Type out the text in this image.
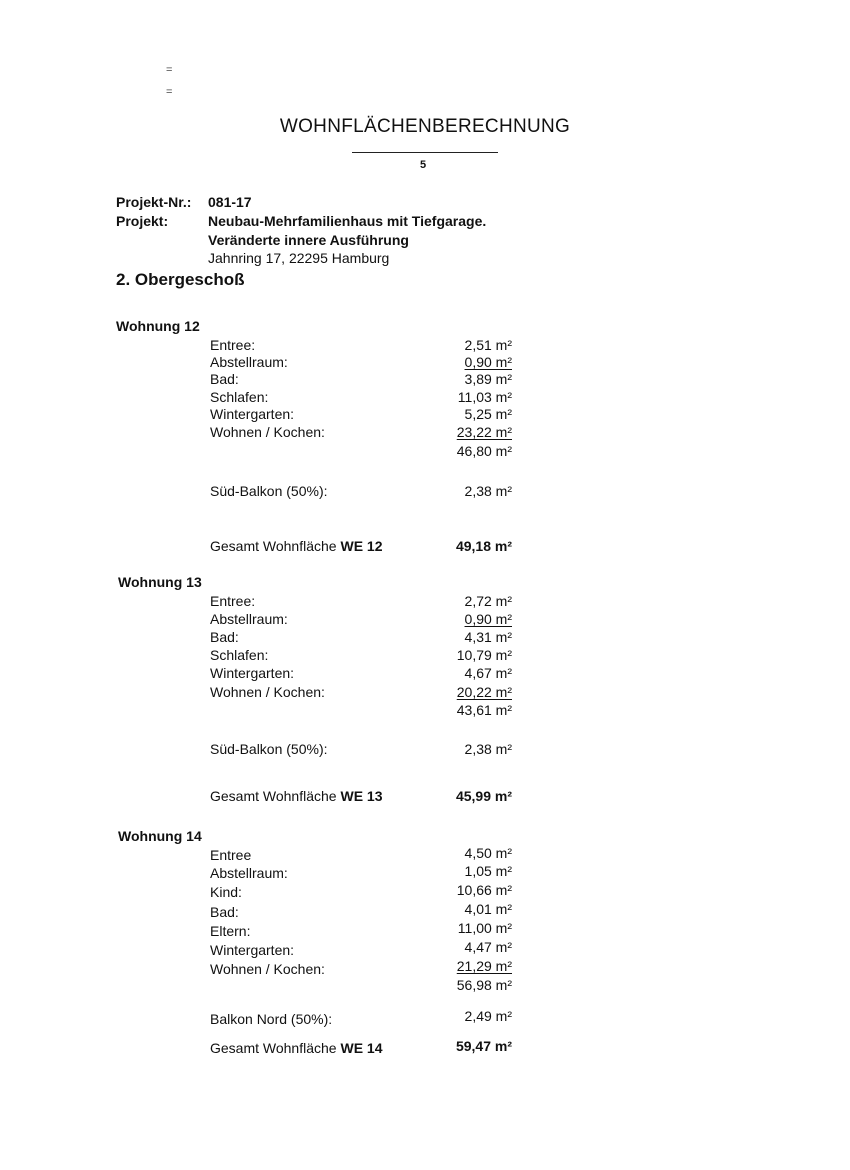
=
=
WOHNFLÄCHENBERECHNUNG
5
Projekt-Nr.: 081-17
Projekt:	Neubau-Mehrfamilienhaus mit Tiefgarage.
Veränderte innere Ausführung
Jahnring 17, 22295 Hamburg
2. Obergeschoß
Wohnung 12
Entree:	2,51 m²
Abstellraum:	0,90 m²
Bad:	3,89 m²
Schlafen:	11,03 m²
Wintergarten:	5,25 m²
Wohnen / Kochen:	23,22 m²
46,80 m²
Süd-Balkon (50%):	2,38 m²
Gesamt Wohnfläche WE 12	49,18 m²
Wohnung 13
Entree:	2,72 m²
Abstellraum:	0,90 m²
Bad:	4,31 m²
Schlafen:	10,79 m²
Wintergarten:	4,67 m²
Wohnen / Kochen:	20,22 m²
43,61 m²
Süd-Balkon (50%):	2,38 m²
Gesamt Wohnfläche WE 13	45,99 m²
Wohnung 14
Entree	4,50 m²
Abstellraum:	1,05 m²
Kind:	10,66 m²
Bad:	4,01 m²
Eltern:	11,00 m²
Wintergarten:	4,47 m²
Wohnen / Kochen:	21,29 m²
56,98 m²
Balkon Nord (50%):	2,49 m²
Gesamt Wohnfläche WE 14	59,47 m²
